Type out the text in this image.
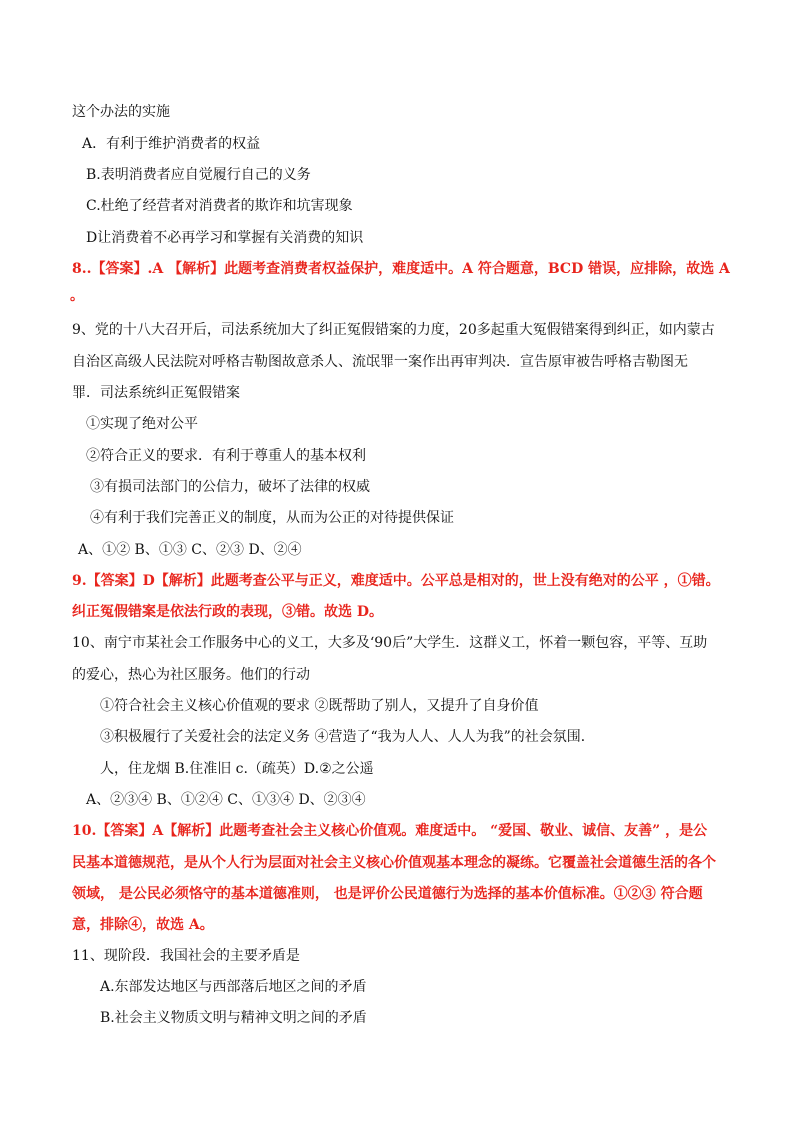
这个办法的实施
A．有利于维护消费者的权益
B.表明消费者应自觉履行自己的义务
C.杜绝了经营者对消费者的欺诈和坑害现象
D让消费着不必再学习和掌握有关消费的知识
8..【答案】.A 【解析】此题考查消费者权益保护，难度适中。A 符合题意，BCD 错误，应排除，故选 A
。
9、党的十八大召开后，司法系统加大了纠正冤假错案的力度，20多起重大冤假错案得到纠正，如内蒙古
自治区高级人民法院对呼格吉勒图故意杀人、流氓罪一案作出再审判决．宣告原审被告呼格吉勒图无
罪．司法系统纠正冤假错案
①实现了绝对公平
②符合正义的要求．有利于尊重人的基本权利
③有损司法部门的公信力，破坏了法律的权威
④有利于我们完善正义的制度，从而为公正的对待提供保证
A、①② B、①③ C、②③ D、②④
9.【答案】D【解析】此题考查公平与正义，难度适中。公平总是相对的，世上没有绝对的公平 ，①错。
纠正冤假错案是依法行政的表现，③错。故选 D。
10、南宁市某社会工作服务中心的义工，大多及‘90后”大学生．这群义工，怀着一颗包容，平等、互助
的爱心，热心为社区服务。他们的行动
①符合社会主义核心价值观的要求 ②既帮助了别人，又提升了自身价值
③积极履行了关爱社会的法定义务 ④营造了“我为人人、人人为我”的社会氛围．
人，住龙烟 B.住准旧 c.（疏英）D.②之公遥
A、②③④ B、①②④ C、①③④ D、②③④
10.【答案】A【解析】此题考查社会主义核心价值观。难度适中。 “爱国、敬业、诚信、友善” ，是公
民基本道德规范，是从个人行为层面对社会主义核心价值观基本理念的凝练。它覆盖社会道德生活的各个
领域， 是公民必须恪守的基本道德准则， 也是评价公民道德行为选择的基本价值标准。①②③ 符合题
意，排除④，故选 A。
11、现阶段．我国社会的主要矛盾是
A.东部发达地区与西部落后地区之间的矛盾
B.社会主义物质文明与精神文明之间的矛盾
